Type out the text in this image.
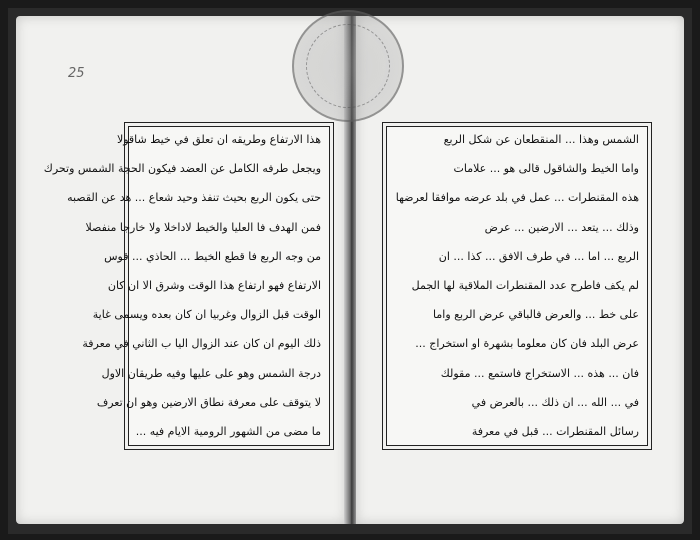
25
هذا الارتفاع وطريقه ان تعلق في خيط شاقولا
ويجعل طرفه الكامل عن العضد فيكون الحجة الشمس وتحرك
حتى يكون الربع بحيث تنفذ وحيد شعاع ... هد عن القصبه
فمن الهدف فا العليا والخيط لاداخلا ولا خارجا منفصلا
من وجه الربع فا قطع الخيط ... الحاذي ... قوس
الارتفاع فهو ارتفاع هذا الوقت وشرق الا ان كان
الوقت قبل الزوال وغربيا ان كان بعده ويسمى غاية
ذلك اليوم ان كان عند الزوال اليا ب الثاني في معرفة
درجة الشمس وهو على عليها وفيه طريقان الاول
لا يتوقف على معرفة نطاق الارضين وهو ان تعرف
ما مضى من الشهور الرومية الايام فيه ...
الشمس وهذا ... المنقطعان عن شكل الربع
واما الخيط والشاقول قالى هو ... علامات
هذه المقنطرات ... عمل في بلد عرضه موافقا لعرضها
وذلك ... يتعد ... الارضين ... عرض
الربع ... اما ... في طرف الافق ... كذا ... ان
لم يكف فاطرح عدد المقنطرات الملاقية لها الجمل
على خط ... والعرض فالباقي عرض الربع واما
عرض البلد فان كان معلوما بشهرة او استخراج ...
فان ... هذه ... الاستخراج فاستمع ... مقولك
في ... الله ... ان ذلك ... بالعرض في
رسائل المقنطرات ... قبل في معرفة
